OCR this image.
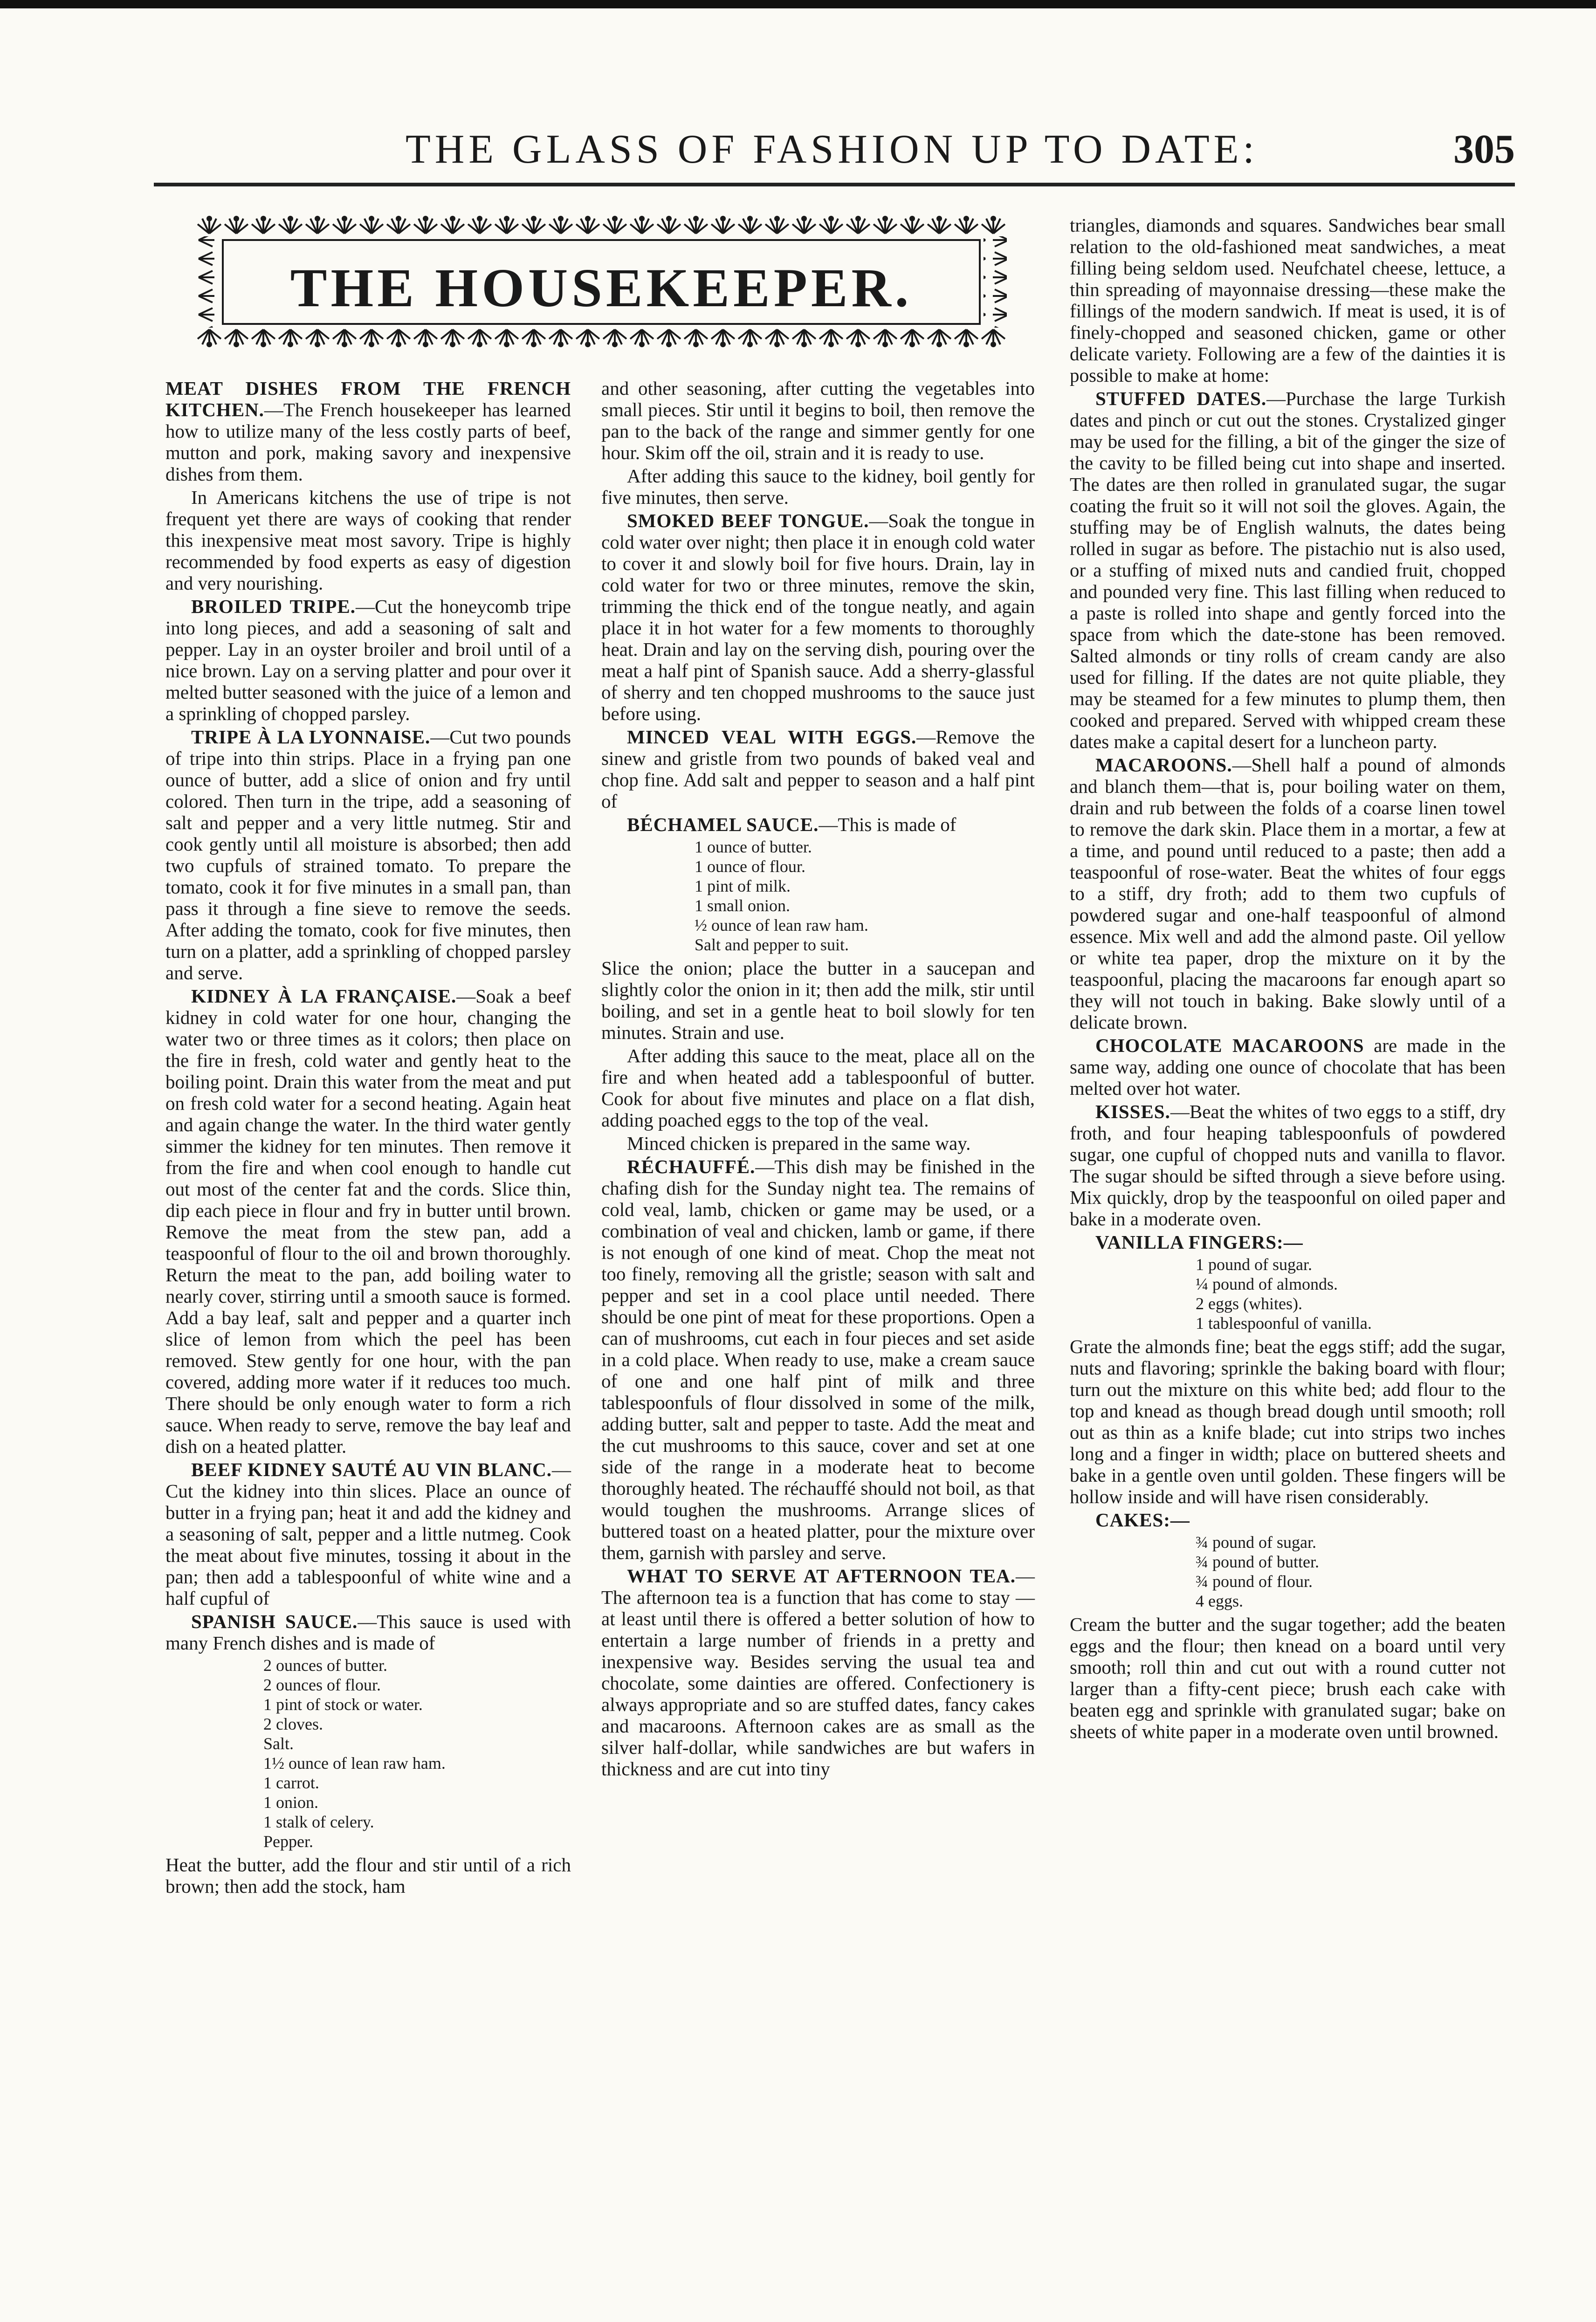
THE GLASS OF FASHION UP TO DATE:	305
THE HOUSEKEEPER.

MEAT DISHES FROM THE FRENCH KITCHEN.—The French housekeeper has learned how to utilize many of the less costly parts of beef, mutton and pork, making savory and inexpensive dishes from them.

In Americans kitchens the use of tripe is not frequent yet there are ways of cooking that render this inexpensive meat most savory. Tripe is highly recommended by food experts as easy of digestion and very nourishing.

BROILED TRIPE.—Cut the honeycomb tripe into long pieces, and add a seasoning of salt and pepper. Lay in an oyster broiler and broil until of a nice brown. Lay on a serving platter and pour over it melted butter seasoned with the juice of a lemon and a sprinkling of chopped parsley.

TRIPE À LA LYONNAISE.—Cut two pounds of tripe into thin strips. Place in a frying pan one ounce of butter, add a slice of onion and fry until colored. Then turn in the tripe, add a seasoning of salt and pepper and a very little nutmeg. Stir and cook gently until all moisture is absorbed; then add two cupfuls of strained tomato. To prepare the tomato, cook it for five minutes in a small pan, than pass it through a fine sieve to remove the seeds. After adding the tomato, cook for five minutes, then turn on a platter, add a sprinkling of chopped parsley and serve.

KIDNEY À LA FRANÇAISE.—Soak a beef kidney in cold water for one hour, changing the water two or three times as it colors; then place on the fire in fresh, cold water and gently heat to the boiling point. Drain this water from the meat and put on fresh cold water for a second heating. Again heat and again change the water. In the third water gently simmer the kidney for ten minutes. Then remove it from the fire and when cool enough to handle cut out most of the center fat and the cords. Slice thin, dip each piece in flour and fry in butter until brown. Remove the meat from the stew pan, add a teaspoonful of flour to the oil and brown thoroughly. Return the meat to the pan, add boiling water to nearly cover, stirring until a smooth sauce is formed. Add a bay leaf, salt and pepper and a quarter inch slice of lemon from which the peel has been removed. Stew gently for one hour, with the pan covered, adding more water if it reduces too much. There should be only enough water to form a rich sauce. When ready to serve, remove the bay leaf and dish on a heated platter.

BEEF KIDNEY SAUTÉ AU VIN BLANC.—Cut the kidney into thin slices. Place an ounce of butter in a frying pan; heat it and add the kidney and a seasoning of salt, pepper and a little nutmeg. Cook the meat about five minutes, tossing it about in the pan; then add a tablespoonful of white wine and a half cupful of

SPANISH SAUCE.—This sauce is used with many French dishes and is made of

2 ounces of butter.
2 ounces of flour.
1 pint of stock or water.
2 cloves.
Salt.
1½ ounce of lean raw ham.
1 carrot.
1 onion.
1 stalk of celery.
Pepper.

Heat the butter, add the flour and stir until of a rich brown; then add the stock, ham

and other seasoning, after cutting the vegetables into small pieces. Stir until it begins to boil, then remove the pan to the back of the range and simmer gently for one hour. Skim off the oil, strain and it is ready to use.

After adding this sauce to the kidney, boil gently for five minutes, then serve.

SMOKED BEEF TONGUE.—Soak the tongue in cold water over night; then place it in enough cold water to cover it and slowly boil for five hours. Drain, lay in cold water for two or three minutes, remove the skin, trimming the thick end of the tongue neatly, and again place it in hot water for a few moments to thoroughly heat. Drain and lay on the serving dish, pouring over the meat a half pint of Spanish sauce. Add a sherry-glassful of sherry and ten chopped mushrooms to the sauce just before using.

MINCED VEAL WITH EGGS.—Remove the sinew and gristle from two pounds of baked veal and chop fine. Add salt and pepper to season and a half pint of

BÉCHAMEL SAUCE.—This is made of

1 ounce of butter.
1 ounce of flour.
1 pint of milk.
1 small onion.
½ ounce of lean raw ham.
Salt and pepper to suit.

Slice the onion; place the butter in a saucepan and slightly color the onion in it; then add the milk, stir until boiling, and set in a gentle heat to boil slowly for ten minutes. Strain and use.

After adding this sauce to the meat, place all on the fire and when heated add a tablespoonful of butter. Cook for about five minutes and place on a flat dish, adding poached eggs to the top of the veal.

Minced chicken is prepared in the same way.

RÉCHAUFFÉ.—This dish may be finished in the chafing dish for the Sunday night tea. The remains of cold veal, lamb, chicken or game may be used, or a combination of veal and chicken, lamb or game, if there is not enough of one kind of meat. Chop the meat not too finely, removing all the gristle; season with salt and pepper and set in a cool place until needed. There should be one pint of meat for these proportions. Open a can of mushrooms, cut each in four pieces and set aside in a cold place. When ready to use, make a cream sauce of one and one half pint of milk and three tablespoonfuls of flour dissolved in some of the milk, adding butter, salt and pepper to taste. Add the meat and the cut mushrooms to this sauce, cover and set at one side of the range in a moderate heat to become thoroughly heated. The réchauffé should not boil, as that would toughen the mushrooms. Arrange slices of buttered toast on a heated platter, pour the mixture over them, garnish with parsley and serve.

WHAT TO SERVE AT AFTERNOON TEA.—The afternoon tea is a function that has come to stay — at least until there is offered a better solution of how to entertain a large number of friends in a pretty and inexpensive way. Besides serving the usual tea and chocolate, some dainties are offered. Confectionery is always appropriate and so are stuffed dates, fancy cakes and macaroons. Afternoon cakes are as small as the silver half-dollar, while sandwiches are but wafers in thickness and are cut into tiny

triangles, diamonds and squares. Sandwiches bear small relation to the old-fashioned meat sandwiches, a meat filling being seldom used. Neufchatel cheese, lettuce, a thin spreading of mayonnaise dressing—these make the fillings of the modern sandwich. If meat is used, it is of finely-chopped and seasoned chicken, game or other delicate variety. Following are a few of the dainties it is possible to make at home:

STUFFED DATES.—Purchase the large Turkish dates and pinch or cut out the stones. Crystalized ginger may be used for the filling, a bit of the ginger the size of the cavity to be filled being cut into shape and inserted. The dates are then rolled in granulated sugar, the sugar coating the fruit so it will not soil the gloves. Again, the stuffing may be of English walnuts, the dates being rolled in sugar as before. The pistachio nut is also used, or a stuffing of mixed nuts and candied fruit, chopped and pounded very fine. This last filling when reduced to a paste is rolled into shape and gently forced into the space from which the date-stone has been removed. Salted almonds or tiny rolls of cream candy are also used for filling. If the dates are not quite pliable, they may be steamed for a few minutes to plump them, then cooked and prepared. Served with whipped cream these dates make a capital desert for a luncheon party.

MACAROONS.—Shell half a pound of almonds and blanch them—that is, pour boiling water on them, drain and rub between the folds of a coarse linen towel to remove the dark skin. Place them in a mortar, a few at a time, and pound until reduced to a paste; then add a teaspoonful of rose-water. Beat the whites of four eggs to a stiff, dry froth; add to them two cupfuls of powdered sugar and one-half teaspoonful of almond essence. Mix well and add the almond paste. Oil yellow or white tea paper, drop the mixture on it by the teaspoonful, placing the macaroons far enough apart so they will not touch in baking. Bake slowly until of a delicate brown.

CHOCOLATE MACAROONS are made in the same way, adding one ounce of chocolate that has been melted over hot water.

KISSES.—Beat the whites of two eggs to a stiff, dry froth, and four heaping tablespoonfuls of powdered sugar, one cupful of chopped nuts and vanilla to flavor. The sugar should be sifted through a sieve before using. Mix quickly, drop by the teaspoonful on oiled paper and bake in a moderate oven.

VANILLA FINGERS:—

1 pound of sugar.
¼ pound of almonds.
2 eggs (whites).
1 tablespoonful of vanilla.

Grate the almonds fine; beat the eggs stiff; add the sugar, nuts and flavoring; sprinkle the baking board with flour; turn out the mixture on this white bed; add flour to the top and knead as though bread dough until smooth; roll out as thin as a knife blade; cut into strips two inches long and a finger in width; place on buttered sheets and bake in a gentle oven until golden. These fingers will be hollow inside and will have risen considerably.

CAKES:—

¾ pound of sugar.
¾ pound of butter.
¾ pound of flour.
4 eggs.

Cream the butter and the sugar together; add the beaten eggs and the flour; then knead on a board until very smooth; roll thin and cut out with a round cutter not larger than a fifty-cent piece; brush each cake with beaten egg and sprinkle with granulated sugar; bake on sheets of white paper in a moderate oven until browned.
